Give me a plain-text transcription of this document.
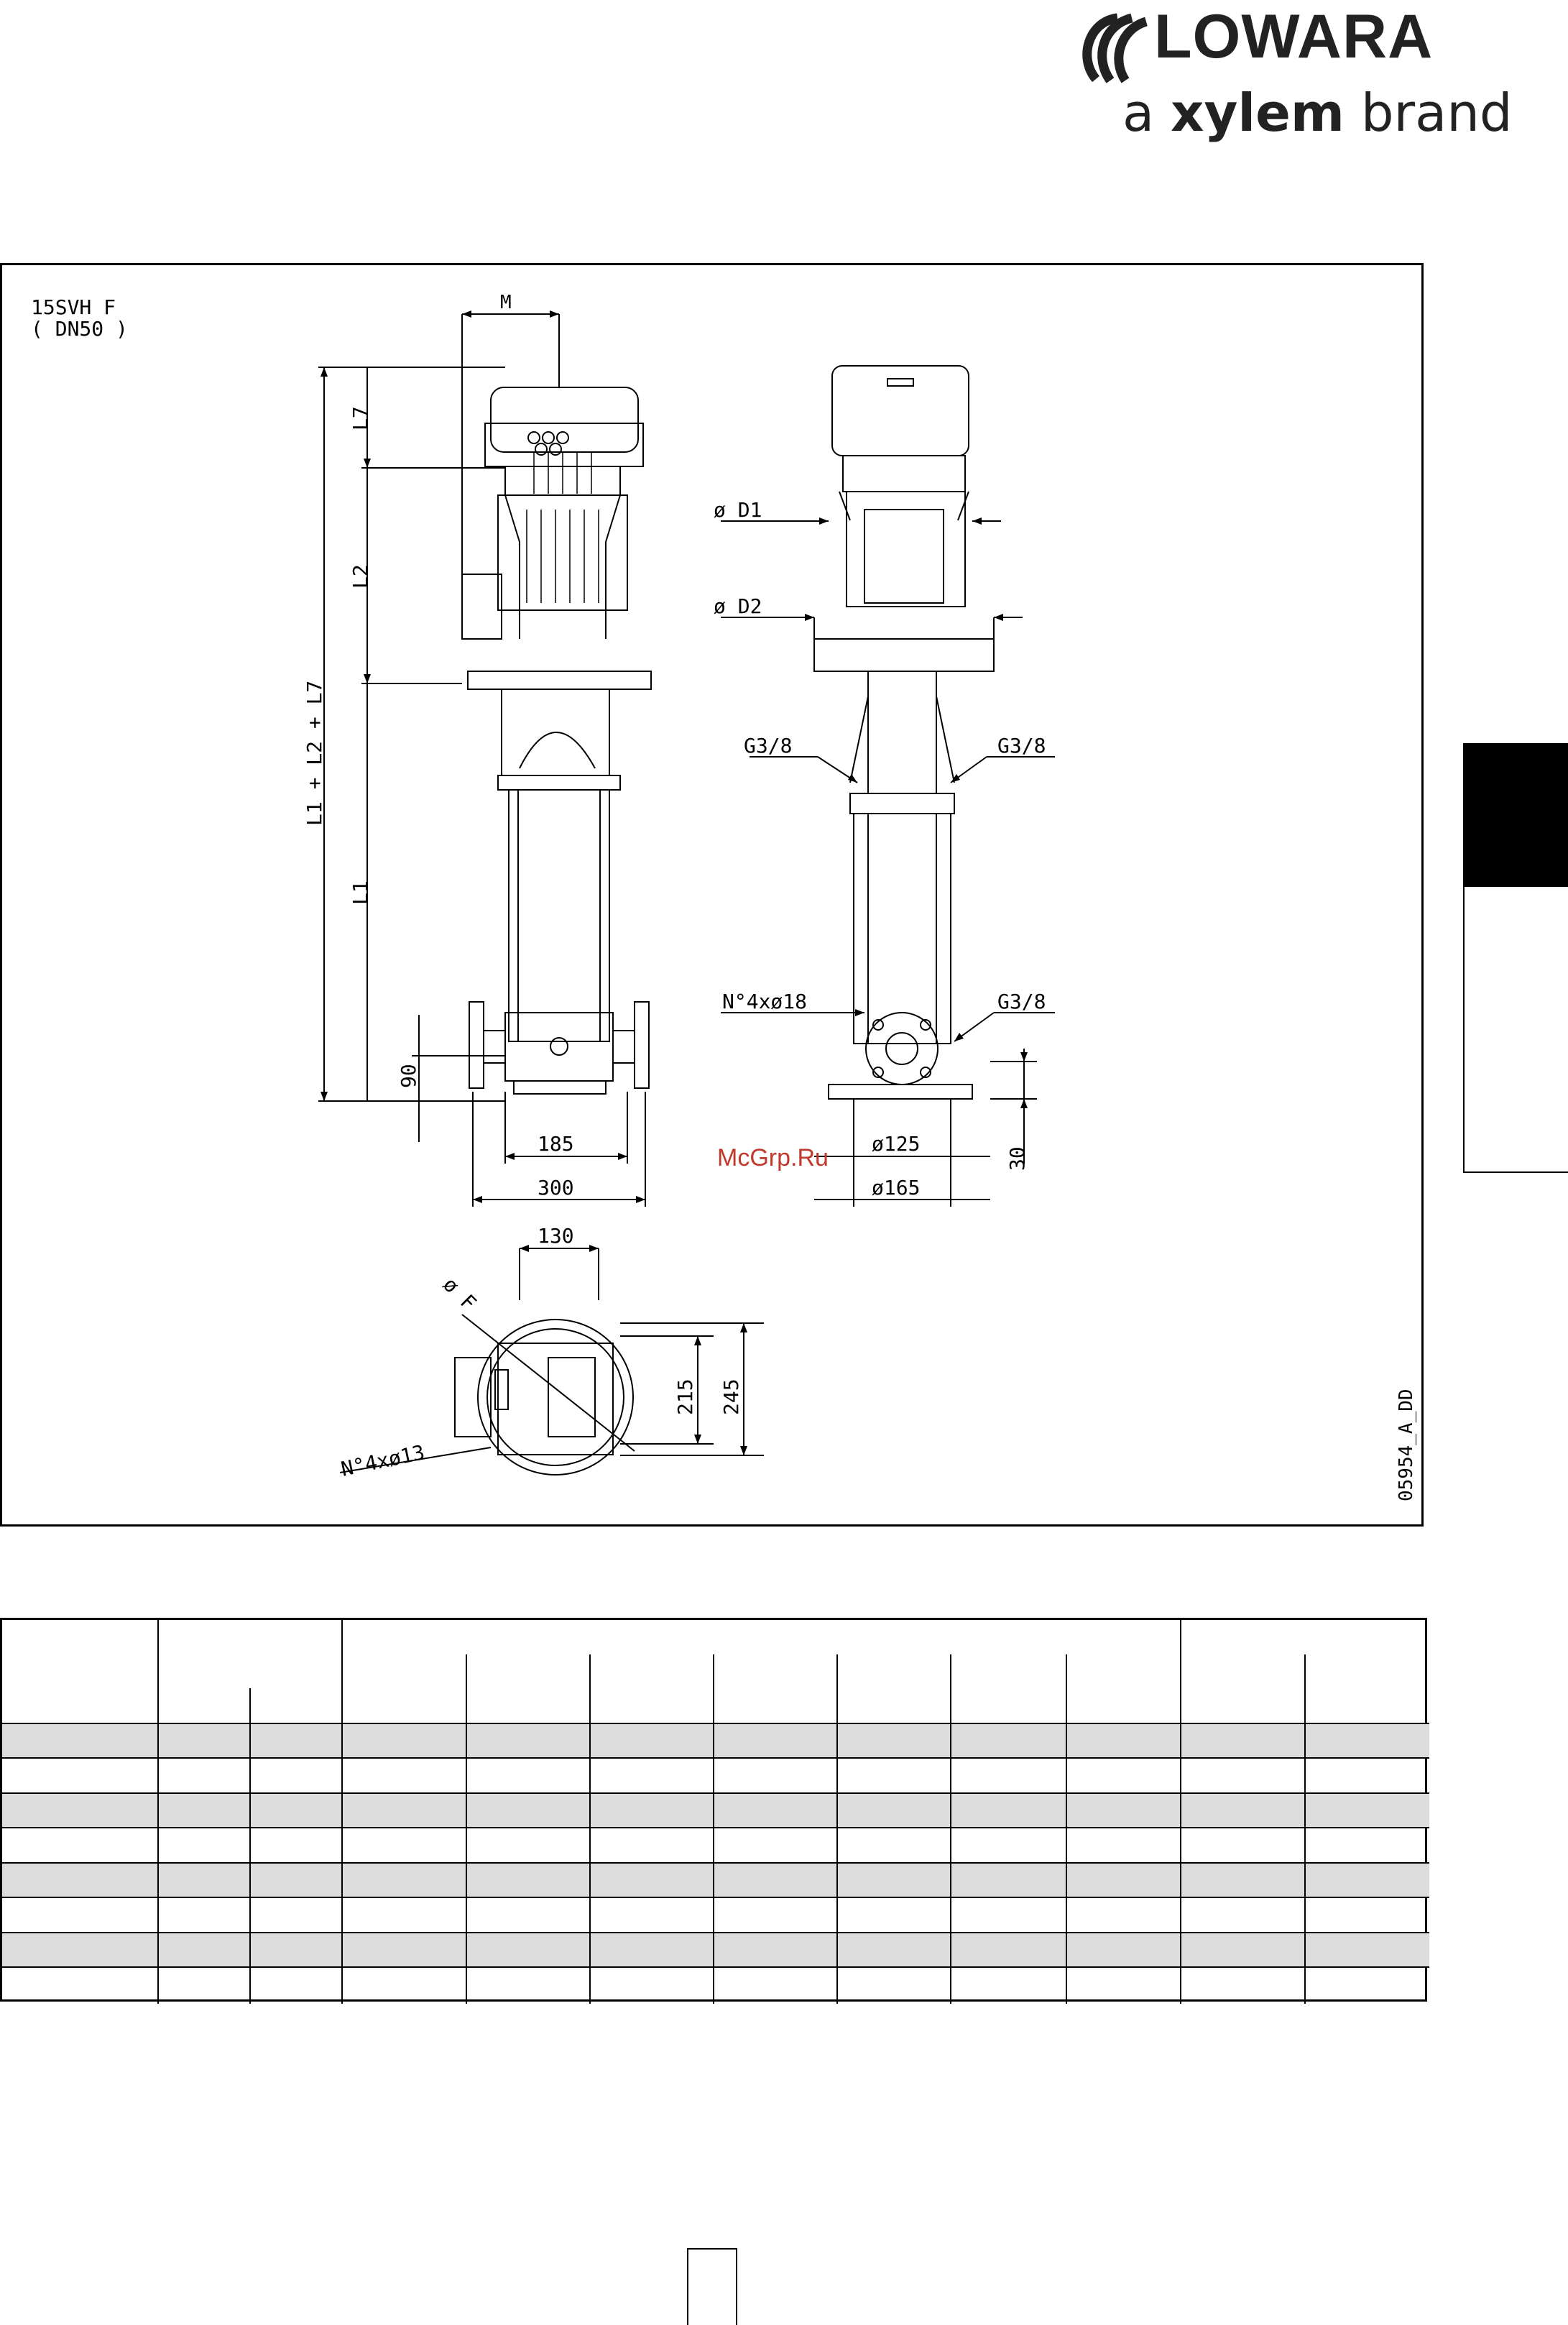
LOWARA
a xylem brand
15SVH F
( DN50 )
M
L7
L2
L1
L1 + L2 + L7
ø D1
ø D2
G3/8	G3/8
G3/8
N°4xø18
90
185
300
ø125
ø165
30
130
215 245
ø F
N°4xø13	05954_A_DD
McGrp.Ru
